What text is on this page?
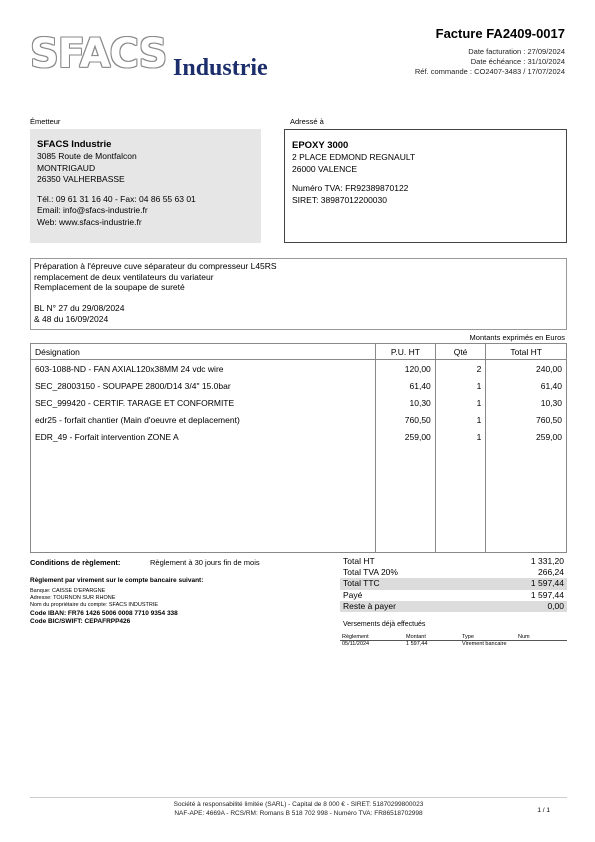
SFACS Industrie
Facture FA2409-0017
Date facturation : 27/09/2024
Date échéance : 31/10/2024
Réf. commande : CO2407-3483 / 17/07/2024
Émetteur	Adressé à
SFACS Industrie
3085 Route de Montfalcon
MONTRIGAUD
26350 VALHERBASSE
Tél.: 09 61 31 16 40 - Fax: 04 86 55 63 01
Email: info@sfacs-industrie.fr
Web: www.sfacs-industrie.fr
EPOXY 3000
2 PLACE EDMOND REGNAULT
26000 VALENCE
Numéro TVA: FR92389870122
SIRET: 38987012200030
Préparation à l'épreuve cuve séparateur du compresseur L45RS
remplacement de deux ventilateurs du variateur
Remplacement de la soupape de sureté
BL N° 27 du 29/08/2024
& 48 du 16/09/2024
Montants exprimés en Euros
Désignation	P.U. HT	Qté	Total HT
603-1088-ND - FAN AXIAL120x38MM 24 vdc wire	120,00	2	240,00
SEC_28003150 - SOUPAPE 2800/D14 3/4" 15.0bar	61,40	1	61,40
SEC_999420 - CERTIF. TARAGE ET CONFORMITE	10,30	1	10,30
edr25 - forfait chantier (Main d'oeuvre et deplacement)	760,50	1	760,50
EDR_49 - Forfait intervention ZONE A	259,00	1	259,00

Conditions de règlement:	Règlement à 30 jours fin de mois
Règlement par virement sur le compte bancaire suivant:
Banque: CAISSE D'EPARGNE
Adresse: TOURNON SUR RHONE
Nom du propriétaire du compte: SFACS INDUSTRIE
Code IBAN: FR76 1426 5006 0008 7710 9354 338
Code BIC/SWIFT: CEPAFRPP426
Total HT	1 331,20
Total TVA 20%	266,24
Total TTC	1 597,44
Payé	1 597,44
Reste à payer	0,00
Versements déjà effectués
Règlement	Montant	Type	Num
05/11/2024	1 597,44	Virement bancaire	
Société à responsabilité limitée (SARL) - Capital de 8 000 € - SIRET: 51870299800023
NAF-APE: 4669A - RCS/RM: Romans B 518 702 998 - Numéro TVA: FR86518702998	1 / 1
